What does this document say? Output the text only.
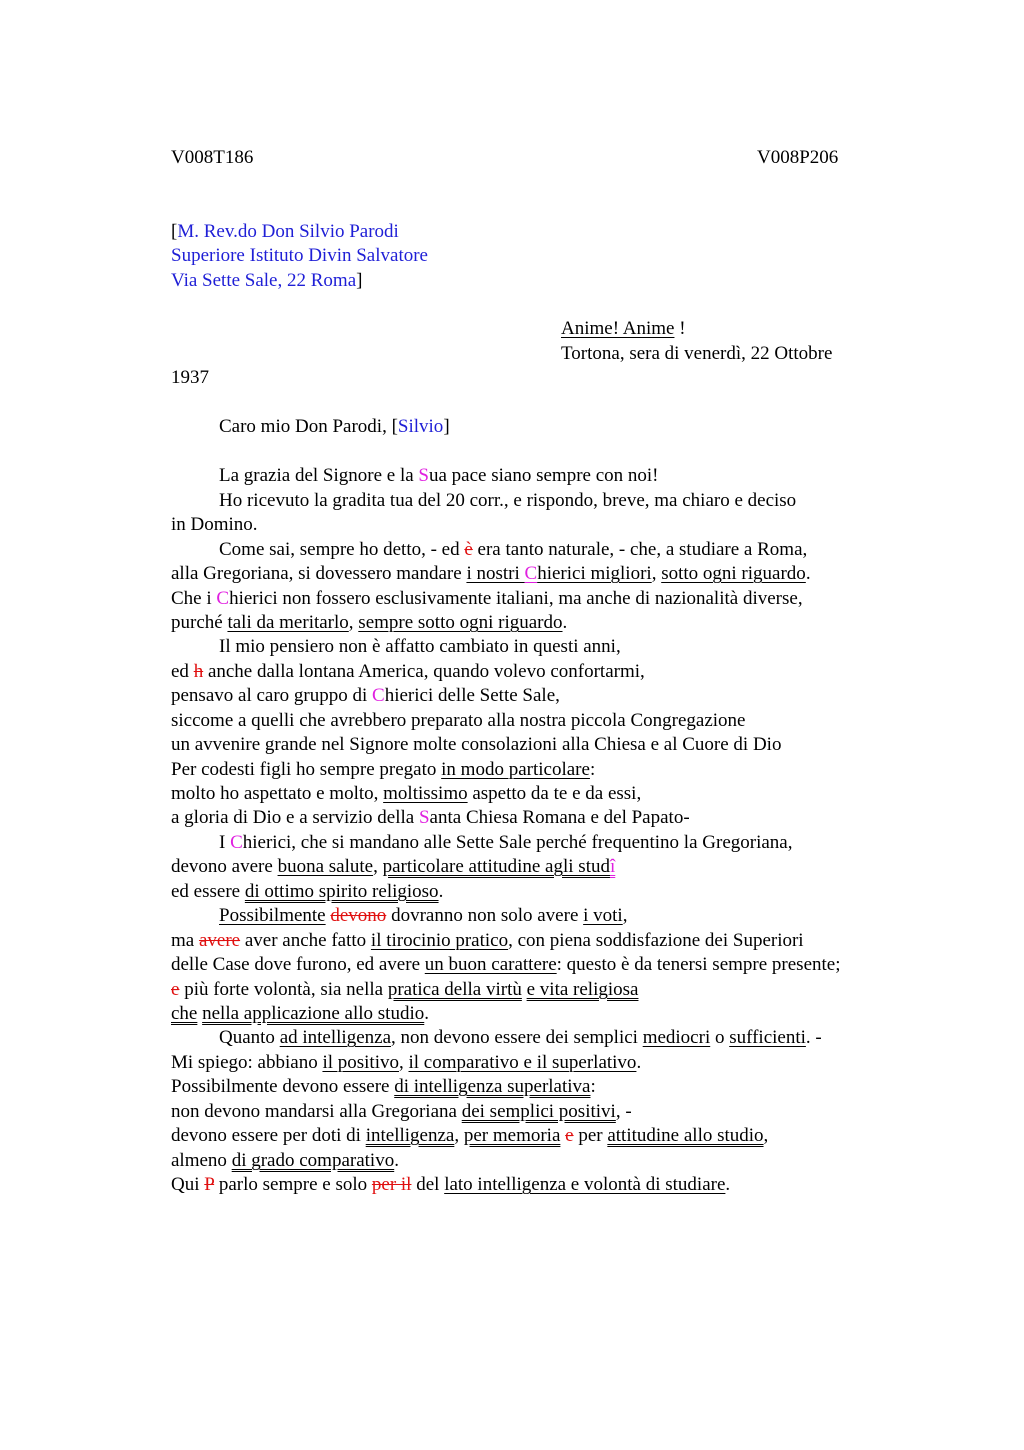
V008T186	V008P206
[M. Rev.do Don Silvio Parodi
Superiore Istituto Divin Salvatore
Via Sette Sale, 22 Roma]
Anime! Anime !
Tortona, sera di venerdì, 22 Ottobre
1937
Caro mio Don Parodi, [Silvio]
La grazia del Signore e la Sua pace siano sempre con noi!
Ho ricevuto la gradita tua del 20 corr., e rispondo, breve, ma chiaro e deciso
in Domino.
Come sai, sempre ho detto, - ed è era tanto naturale, - che, a studiare a Roma,
alla Gregoriana, si dovessero mandare i nostri Chierici migliori, sotto ogni riguardo.
Che i Chierici non fossero esclusivamente italiani, ma anche di nazionalità diverse,
purché tali da meritarlo, sempre sotto ogni riguardo.
Il mio pensiero non è affatto cambiato in questi anni,
ed h anche dalla lontana America, quando volevo confortarmi,
pensavo al caro gruppo di Chierici delle Sette Sale,
siccome a quelli che avrebbero preparato alla nostra piccola Congregazione
un avvenire grande nel Signore molte consolazioni alla Chiesa e al Cuore di Dio
Per codesti figli ho sempre pregato in modo particolare:
molto ho aspettato e molto, moltissimo aspetto da te e da essi,
a gloria di Dio e a servizio della Santa Chiesa Romana e del Papato-
I Chierici, che si mandano alle Sette Sale perché frequentino la Gregoriana,
devono avere buona salute, particolare attitudine agli studî
ed essere di ottimo spirito religioso.
Possibilmente devono dovranno non solo avere i voti,
ma avere aver anche fatto il tirocinio pratico, con piena soddisfazione dei Superiori
delle Case dove furono, ed avere un buon carattere: questo è da tenersi sempre presente;
e più forte volontà, sia nella pratica della virtù e vita religiosa
che nella applicazione allo studio.
Quanto ad intelligenza, non devono essere dei semplici mediocri o sufficienti. -
Mi spiego: abbiano il positivo, il comparativo e il superlativo.
Possibilmente devono essere di intelligenza superlativa:
non devono mandarsi alla Gregoriana dei semplici positivi, -
devono essere per doti di intelligenza, per memoria e per attitudine allo studio,
almeno di grado comparativo.
Qui P parlo sempre e solo per il del lato intelligenza e volontà di studiare.
